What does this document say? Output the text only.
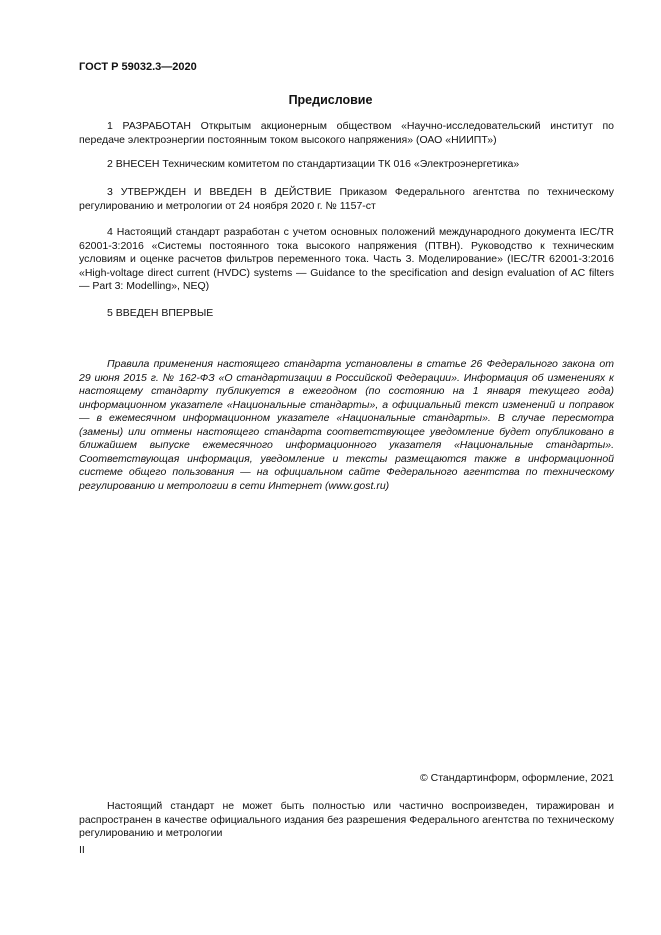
ГОСТ Р 59032.3—2020
Предисловие
1 РАЗРАБОТАН Открытым акционерным обществом «Научно-исследовательский институт по передаче электроэнергии постоянным током высокого напряжения» (ОАО «НИИПТ»)
2 ВНЕСЕН Техническим комитетом по стандартизации ТК 016 «Электроэнергетика»
3 УТВЕРЖДЕН И ВВЕДЕН В ДЕЙСТВИЕ Приказом Федерального агентства по техническому регулированию и метрологии от 24 ноября 2020 г. № 1157-ст
4 Настоящий стандарт разработан с учетом основных положений международного документа IEC/TR 62001-3:2016 «Системы постоянного тока высокого напряжения (ПТВН). Руководство к техническим условиям и оценке расчетов фильтров переменного тока. Часть 3. Моделирование» (IEC/TR 62001-3:2016 «High-voltage direct current (HVDC) systems — Guidance to the specification and design evaluation of AC filters — Part 3: Modelling», NEQ)
5 ВВЕДЕН ВПЕРВЫЕ
Правила применения настоящего стандарта установлены в статье 26 Федерального закона от 29 июня 2015 г. № 162-ФЗ «О стандартизации в Российской Федерации». Информация об изменениях к настоящему стандарту публикуется в ежегодном (по состоянию на 1 января текущего года) информационном указателе «Национальные стандарты», а официальный текст изменений и поправок — в ежемесячном информационном указателе «Национальные стандарты». В случае пересмотра (замены) или отмены настоящего стандарта соответствующее уведомление будет опубликовано в ближайшем выпуске ежемесячного информационного указателя «Национальные стандарты». Соответствующая информация, уведомление и тексты размещаются также в информационной системе общего пользования — на официальном сайте Федерального агентства по техническому регулированию и метрологии в сети Интернет (www.gost.ru)
© Стандартинформ, оформление, 2021
Настоящий стандарт не может быть полностью или частично воспроизведен, тиражирован и распространен в качестве официального издания без разрешения Федерального агентства по техническому регулированию и метрологии
II
